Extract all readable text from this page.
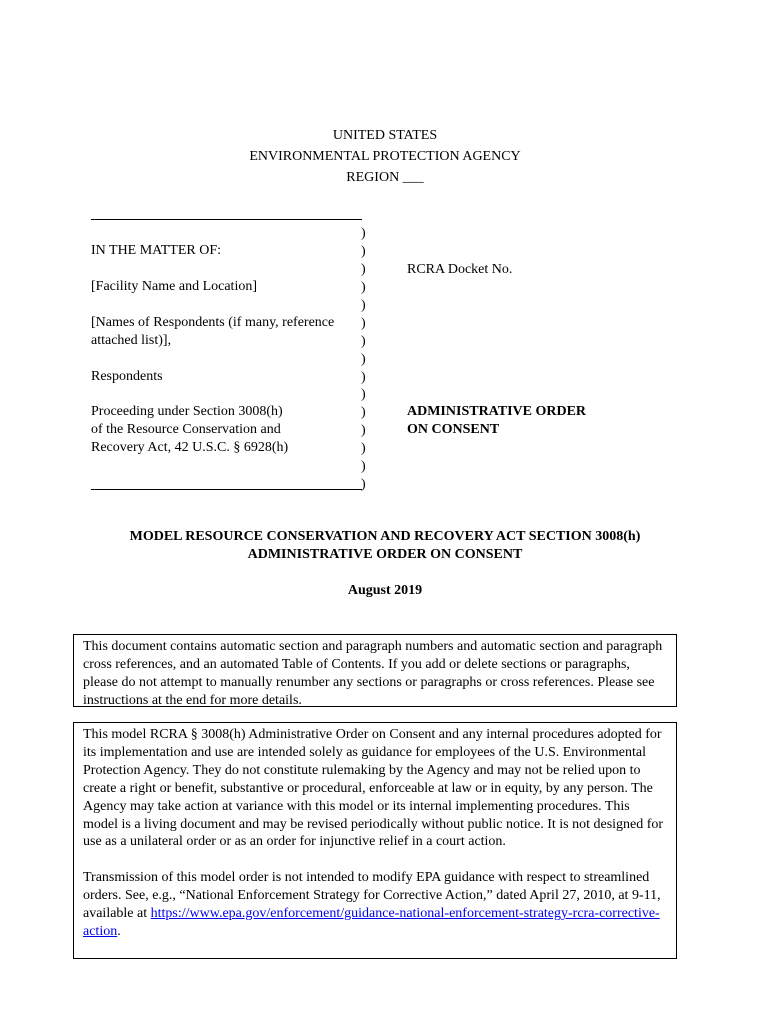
UNITED STATES
ENVIRONMENTAL PROTECTION AGENCY
REGION ___
IN THE MATTER OF:
[Facility Name and Location]
[Names of Respondents (if many, reference
attached list)],
Respondents
Proceeding under Section 3008(h)
of the Resource Conservation and
Recovery Act, 42 U.S.C. § 6928(h)
)
)
)
)
)
)
)
)
)
)
)
)
)
)
)
RCRA Docket No.
ADMINISTRATIVE ORDER
ON CONSENT
MODEL RESOURCE CONSERVATION AND RECOVERY ACT SECTION 3008(h)
ADMINISTRATIVE ORDER ON CONSENT
August 2019

This document contains automatic section and paragraph numbers and automatic section and paragraph cross references, and an automated Table of Contents. If you add or delete sections or paragraphs, please do not attempt to manually renumber any sections or paragraphs or cross references. Please see instructions at the end for more details.

This model RCRA § 3008(h) Administrative Order on Consent and any internal procedures adopted for its implementation and use are intended solely as guidance for employees of the U.S. Environmental Protection Agency. They do not constitute rulemaking by the Agency and may not be relied upon to create a right or benefit, substantive or procedural, enforceable at law or in equity, by any person. The Agency may take action at variance with this model or its internal implementing procedures. This model is a living document and may be revised periodically without public notice. It is not designed for use as a unilateral order or as an order for injunctive relief in a court action.

Transmission of this model order is not intended to modify EPA guidance with respect to streamlined orders. See, e.g., “National Enforcement Strategy for Corrective Action,” dated April 27, 2010, at 9-11, available at https://www.epa.gov/enforcement/guidance-national-enforcement-strategy-rcra-corrective-action.
